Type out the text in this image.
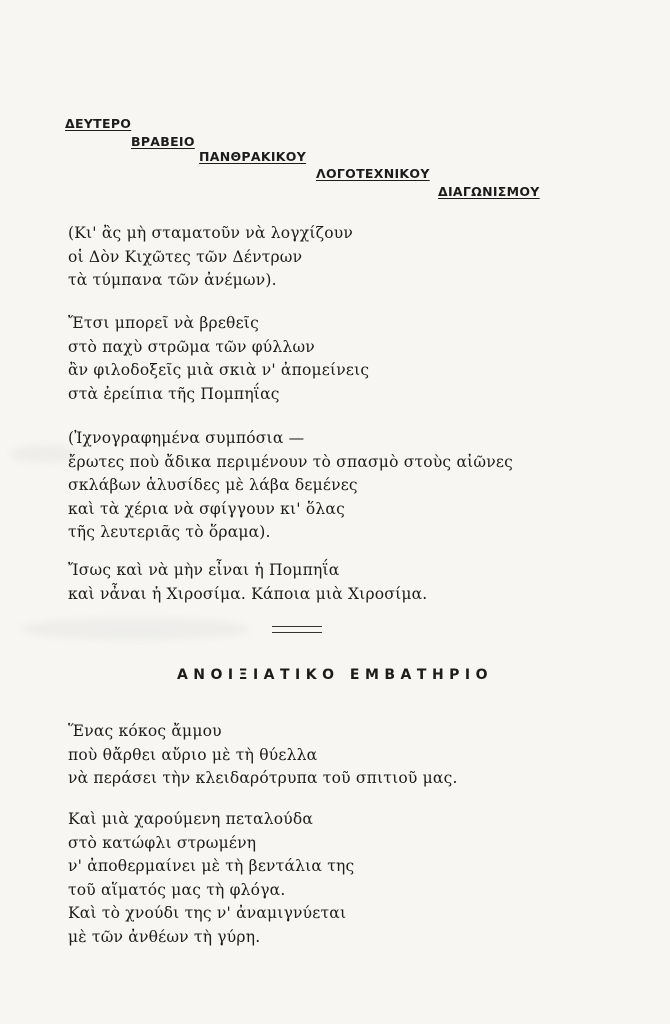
ΔΕΥΤΕΡΟ
ΒΡΑΒΕΙΟ
ΠΑΝΘΡΑΚΙΚΟΥ
ΛΟΓΟΤΕΧΝΙΚΟΥ
ΔΙΑΓΩΝΙΣΜΟΥ
(Κι' ἂς μὴ σταματοῦν νὰ λογχίζουν
οἱ Δὸν Κιχῶτες τῶν Δέντρων
τὰ τύμπανα τῶν ἀνέμων).
Ἔτσι μπορεῖ νὰ βρεθεῖς
στὸ παχὺ στρῶμα τῶν φύλλων
ἂν φιλοδοξεῖς μιὰ σκιὰ ν' ἀπομείνεις
στὰ ἐρείπια τῆς Πομπηΐας
(Ἰχνογραφημένα συμπόσια —
ἔρωτες ποὺ ἄδικα περιμένουν τὸ σπασμὸ στοὺς αἰῶνες
σκλάβων ἁλυσίδες μὲ λάβα δεμένες
καὶ τὰ χέρια νὰ σφίγγουν κι' ὅλας
τῆς λευτεριᾶς τὸ ὅραμα).
Ἴσως καὶ νὰ μὴν εἶναι ἡ Πομπηΐα
καὶ νἆναι ἡ Χιροσίμα. Κάποια μιὰ Χιροσίμα.
ΑΝΟΙΞΙΑΤΙΚΟ ΕΜΒΑΤΗΡΙΟ
Ἕνας κόκος ἄμμου
ποὺ θἄρθει αὔριο μὲ τὴ θύελλα
νὰ περάσει τὴν κλειδαρότρυπα τοῦ σπιτιοῦ μας.
Καὶ μιὰ χαρούμενη πεταλούδα
στὸ κατώφλι στρωμένη
ν' ἀποθερμαίνει μὲ τὴ βεντάλια της
τοῦ αἵματός μας τὴ φλόγα.
Καὶ τὸ χνούδι της ν' ἀναμιγνύεται
μὲ τῶν ἀνθέων τὴ γύρη.
